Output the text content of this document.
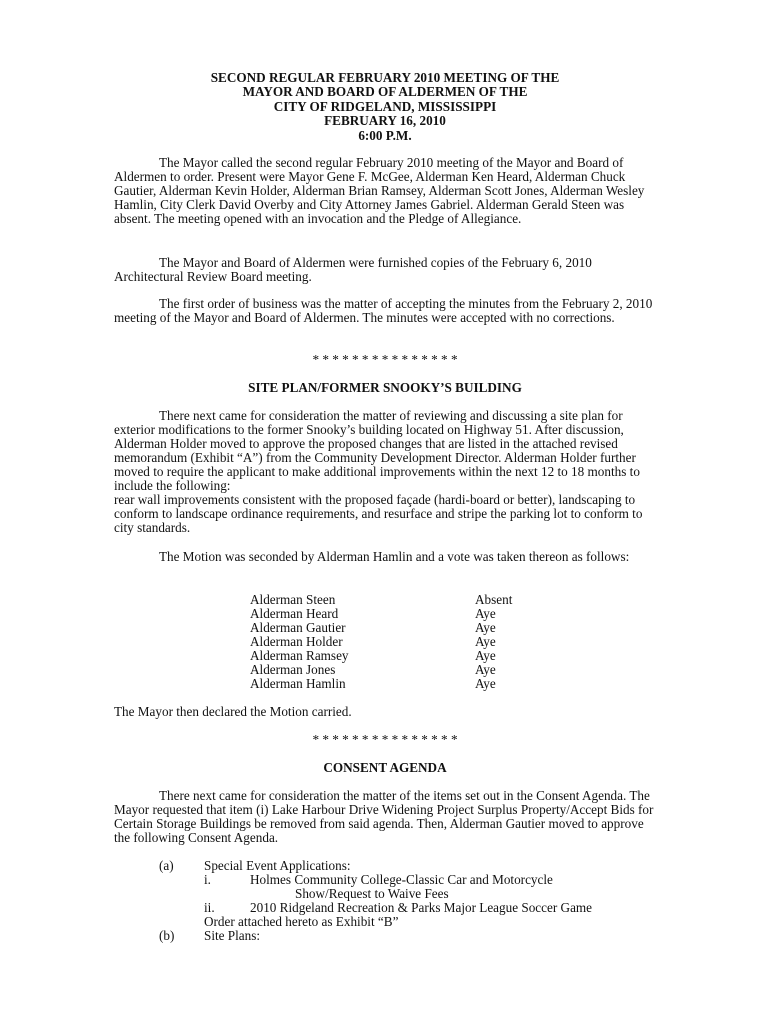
SECOND REGULAR FEBRUARY 2010 MEETING OF THE
MAYOR AND BOARD OF ALDERMEN OF THE
CITY OF RIDGELAND, MISSISSIPPI
FEBRUARY 16, 2010
6:00 P.M.

The Mayor called the second regular February 2010 meeting of the Mayor and Board of Aldermen to order. Present were Mayor Gene F. McGee, Alderman Ken Heard, Alderman Chuck Gautier, Alderman Kevin Holder, Alderman Brian Ramsey, Alderman Scott Jones, Alderman Wesley Hamlin, City Clerk David Overby and City Attorney James Gabriel. Alderman Gerald Steen was absent. The meeting opened with an invocation and the Pledge of Allegiance.

The Mayor and Board of Aldermen were furnished copies of the February 6, 2010 Architectural Review Board meeting.

The first order of business was the matter of accepting the minutes from the February 2, 2010 meeting of the Mayor and Board of Aldermen. The minutes were accepted with no corrections.

* * * * * * * * * * * * * * *
SITE PLAN/FORMER SNOOKY’S BUILDING

There next came for consideration the matter of reviewing and discussing a site plan for exterior modifications to the former Snooky’s building located on Highway 51. After discussion, Alderman Holder moved to approve the proposed changes that are listed in the attached revised memorandum (Exhibit “A”) from the Community Development Director. Alderman Holder further moved to require the applicant to make additional improvements within the next 12 to 18 months to include the following:
rear wall improvements consistent with the proposed façade (hardi-board or better), landscaping to conform to landscape ordinance requirements, and resurface and stripe the parking lot to conform to city standards.

The Motion was seconded by Alderman Hamlin and a vote was taken thereon as follows:

Alderman Steen	Absent
Alderman Heard	Aye
Alderman Gautier	Aye
Alderman Holder	Aye
Alderman Ramsey	Aye
Alderman Jones	Aye
Alderman Hamlin	Aye

The Mayor then declared the Motion carried.

* * * * * * * * * * * * * * *
CONSENT AGENDA

There next came for consideration the matter of the items set out in the Consent Agenda. The Mayor requested that item (i) Lake Harbour Drive Widening Project Surplus Property/Accept Bids for Certain Storage Buildings be removed from said agenda. Then, Alderman Gautier moved to approve the following Consent Agenda.

(a) Special Event Applications:
i.	Holmes Community College-Classic Car and Motorcycle
Show/Request to Waive Fees
ii.	2010 Ridgeland Recreation & Parks Major League Soccer Game
Order attached hereto as Exhibit “B”
(b) Site Plans:
